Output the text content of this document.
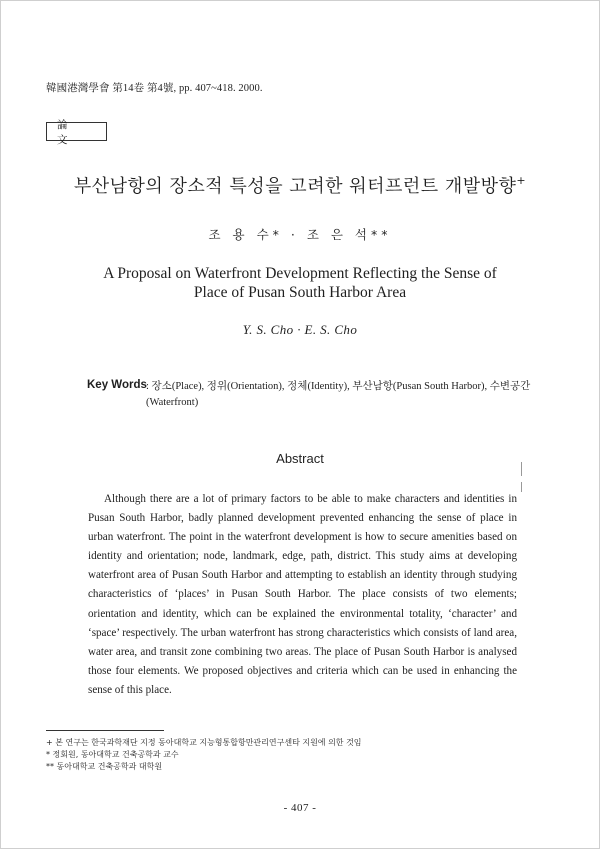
韓國港灣學會 第14卷 第4號, pp. 407~418. 2000.
論 文
부산남항의 장소적 특성을 고려한 워터프런트 개발방향+
조 용 수* · 조 은 석**
A Proposal on Waterfront Development Reflecting the Sense of
Place of Pusan South Harbor Area
Y. S. Cho · E. S. Cho
Key Words : 장소(Place), 정위(Orientation), 정체(Identity), 부산남항(Pusan South Harbor), 수변공간(Waterfront)
Abstract

Although there are a lot of primary factors to be able to make characters and identities in Pusan South Harbor, badly planned development prevented enhancing the sense of place in urban waterfront. The point in the waterfront development is how to secure amenities based on identity and orientation; node, landmark, edge, path, district. This study aims at developing waterfront area of Pusan South Harbor and attempting to establish an identity through studying characteristics of ‘places’ in Pusan South Harbor. The place consists of two elements; orientation and identity, which can be explained the environmental totality, ‘character’ and ‘space’ respectively. The urban waterfront has strong characteristics which consists of land area, water area, and transit zone combining two areas. The place of Pusan South Harbor is analysed those four elements. We proposed objectives and criteria which can be used in enhancing the sense of this place.

+ 본 연구는 한국과학재단 지정 동아대학교 지능형통합항만관리연구센타 지원에 의한 것임
* 정회원, 동아대학교 건축공학과 교수
** 동아대학교 건축공학과 대학원
- 407 -
